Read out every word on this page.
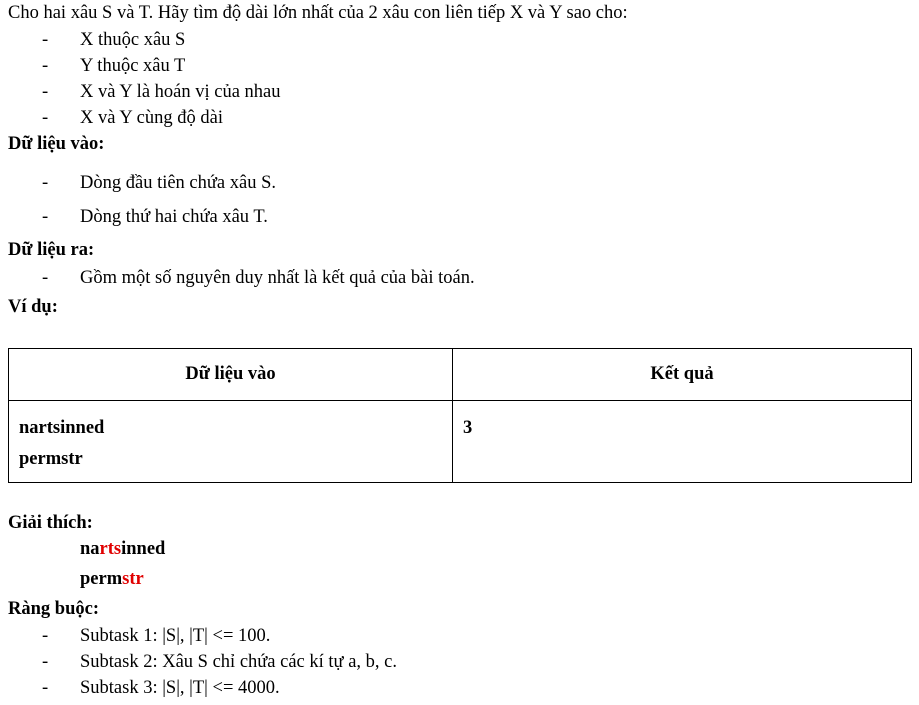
Cho hai xâu S và T. Hãy tìm độ dài lớn nhất của 2 xâu con liên tiếp X và Y sao cho:
- X thuộc xâu S
- Y thuộc xâu T
- X và Y là hoán vị của nhau
- X và Y cùng độ dài
Dữ liệu vào:
- Dòng đầu tiên chứa xâu S.
- Dòng thứ hai chứa xâu T.
Dữ liệu ra:
- Gồm một số nguyên duy nhất là kết quả của bài toán.
Ví dụ:
Dữ liệu vào	Kết quả

nartsinned
permstr	3
Giải thích:
nartsinned
permstr
Ràng buộc:
- Subtask 1: |S|, |T| <= 100.
- Subtask 2: Xâu S chỉ chứa các kí tự a, b, c.
- Subtask 3: |S|, |T| <= 4000.
